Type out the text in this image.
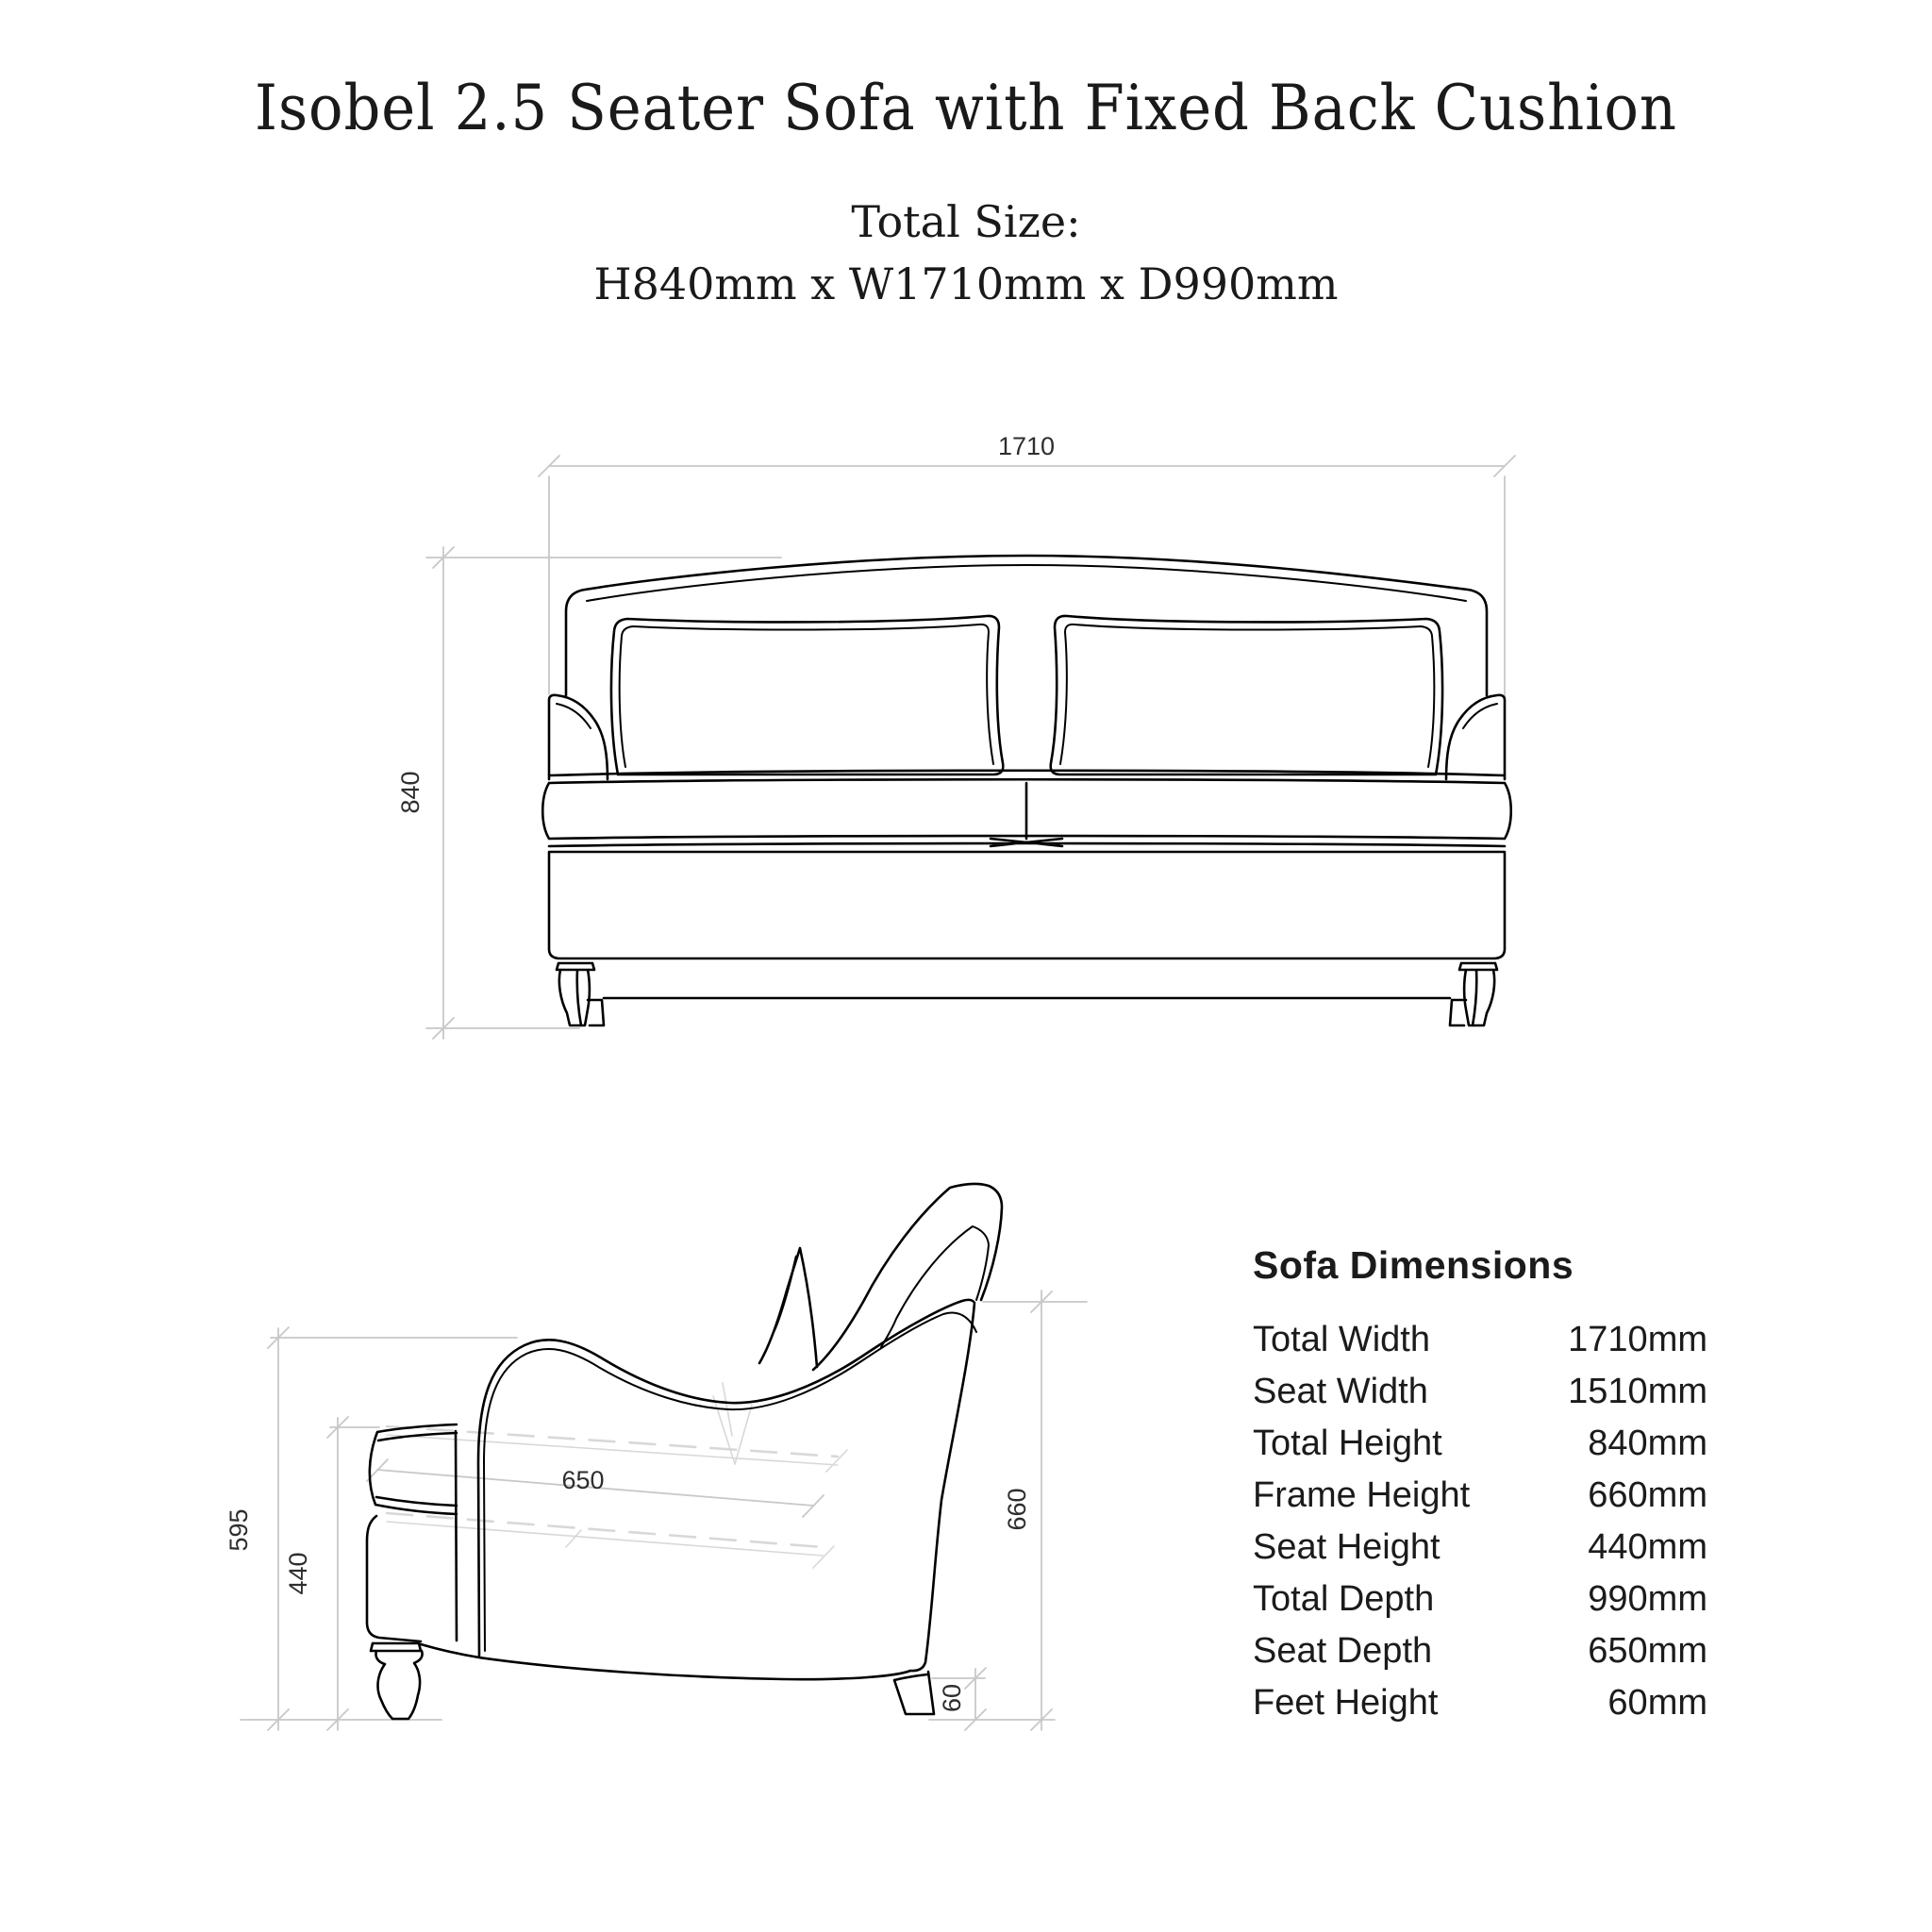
Isobel 2.5 Seater Sofa with Fixed Back Cushion
Total Size:
H840mm x W1710mm x D990mm
1710
840
595
440
650
660
60
Sofa Dimensions
Total Width	1710mm
Seat Width	1510mm
Total Height	840mm
Frame Height	660mm
Seat Height	440mm
Total Depth	990mm
Seat Depth	650mm
Feet Height	60mm
